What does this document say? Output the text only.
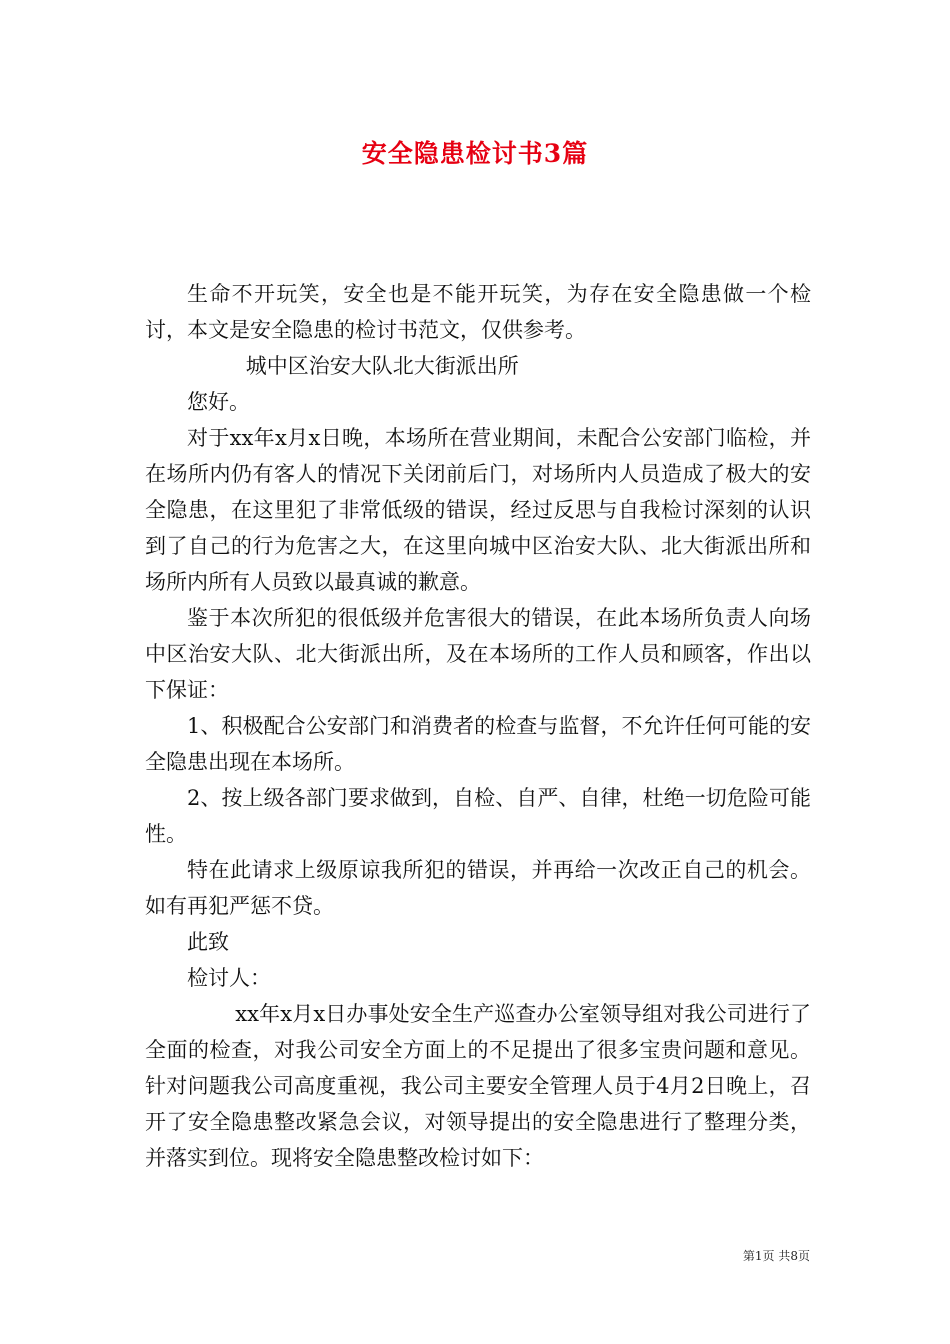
安全隐患检讨书3篇

生命不开玩笑，安全也是不能开玩笑，为存在安全隐患做一个检讨，本文是安全隐患的检讨书范文，仅供参考。

城中区治安大队北大街派出所

您好。

对于xx年x月x日晚，本场所在营业期间，未配合公安部门临检，并在场所内仍有客人的情况下关闭前后门，对场所内人员造成了极大的安全隐患，在这里犯了非常低级的错误，经过反思与自我检讨深刻的认识到了自己的行为危害之大，在这里向城中区治安大队、北大街派出所和场所内所有人员致以最真诚的歉意。

鉴于本次所犯的很低级并危害很大的错误，在此本场所负责人向场中区治安大队、北大街派出所，及在本场所的工作人员和顾客，作出以下保证：

1、积极配合公安部门和消费者的检查与监督，不允许任何可能的安全隐患出现在本场所。

2、按上级各部门要求做到，自检、自严、自律，杜绝一切危险可能性。

特在此请求上级原谅我所犯的错误，并再给一次改正自己的机会。如有再犯严惩不贷。

此致

检讨人：

xx年x月x日办事处安全生产巡查办公室领导组对我公司进行了全面的检查，对我公司安全方面上的不足提出了很多宝贵问题和意见。针对问题我公司高度重视，我公司主要安全管理人员于4月2日晚上，召开了安全隐患整改紧急会议，对领导提出的安全隐患进行了整理分类，并落实到位。现将安全隐患整改检讨如下：

第1页 共8页
